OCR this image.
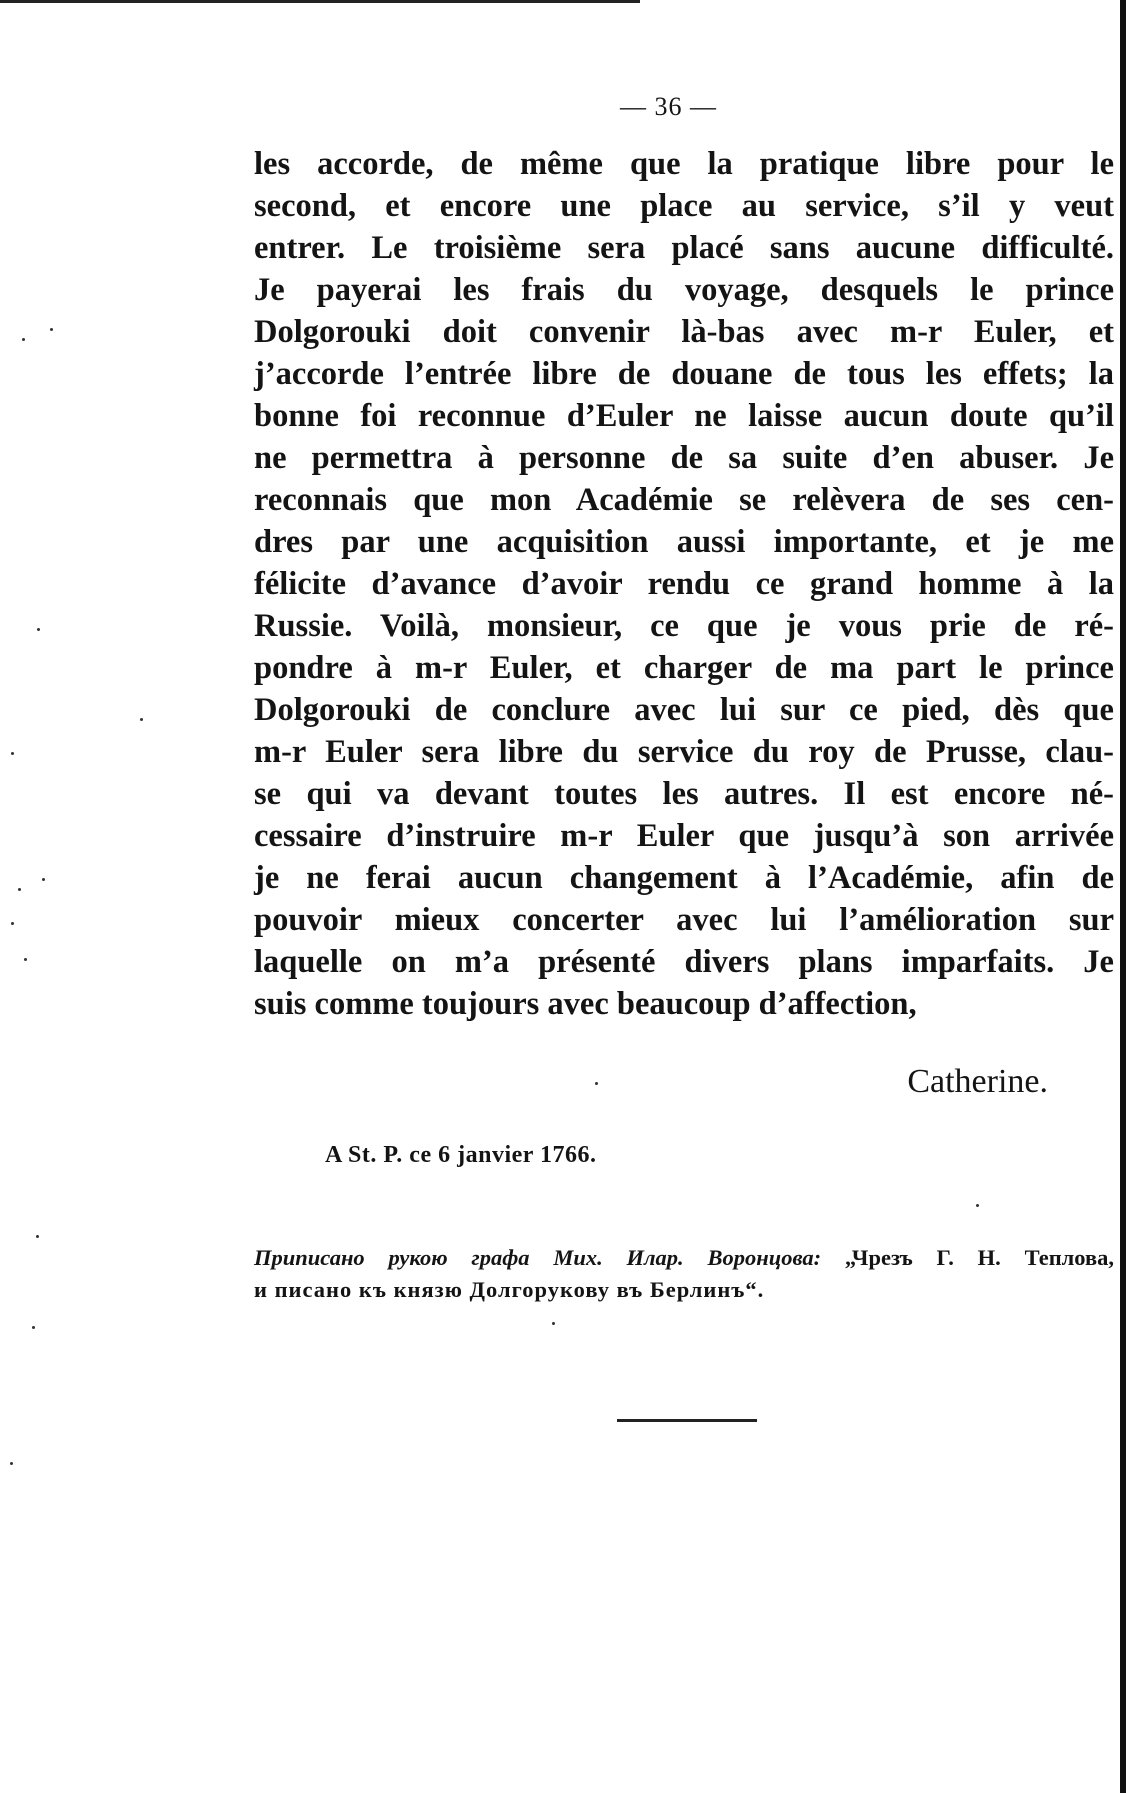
— 36 —
les accorde, de même que la pratique libre pour le
second, et encore une place au service, s’il y veut
entrer. Le troisième sera placé sans aucune difficulté.
Je payerai les frais du voyage, desquels le prince
Dolgorouki doit convenir là-bas avec m-r Euler, et
j’accorde l’entrée libre de douane de tous les effets; la
bonne foi reconnue d’Euler ne laisse aucun doute qu’il
ne permettra à personne de sa suite d’en abuser. Je
reconnais que mon Académie se relèvera de ses cen-
dres par une acquisition aussi importante, et je me
félicite d’avance d’avoir rendu ce grand homme à la
Russie. Voilà, monsieur, ce que je vous prie de ré-
pondre à m-r Euler, et charger de ma part le prince
Dolgorouki de conclure avec lui sur ce pied, dès que
m-r Euler sera libre du service du roy de Prusse, clau-
se qui va devant toutes les autres. Il est encore né-
cessaire d’instruire m-r Euler que jusqu’à son arrivée
je ne ferai aucun changement à l’Académie, afin de
pouvoir mieux concerter avec lui l’amélioration sur
laquelle on m’a présenté divers plans imparfaits. Je
suis comme toujours avec beaucoup d’affection,
Catherine.
A St. P. ce 6 janvier 1766.
Приписано рукою графа Мих. Илар. Воронцова: „Чрезъ Г. Н. Теплова,
и писано къ князю Долгорукову въ Берлинъ“.
